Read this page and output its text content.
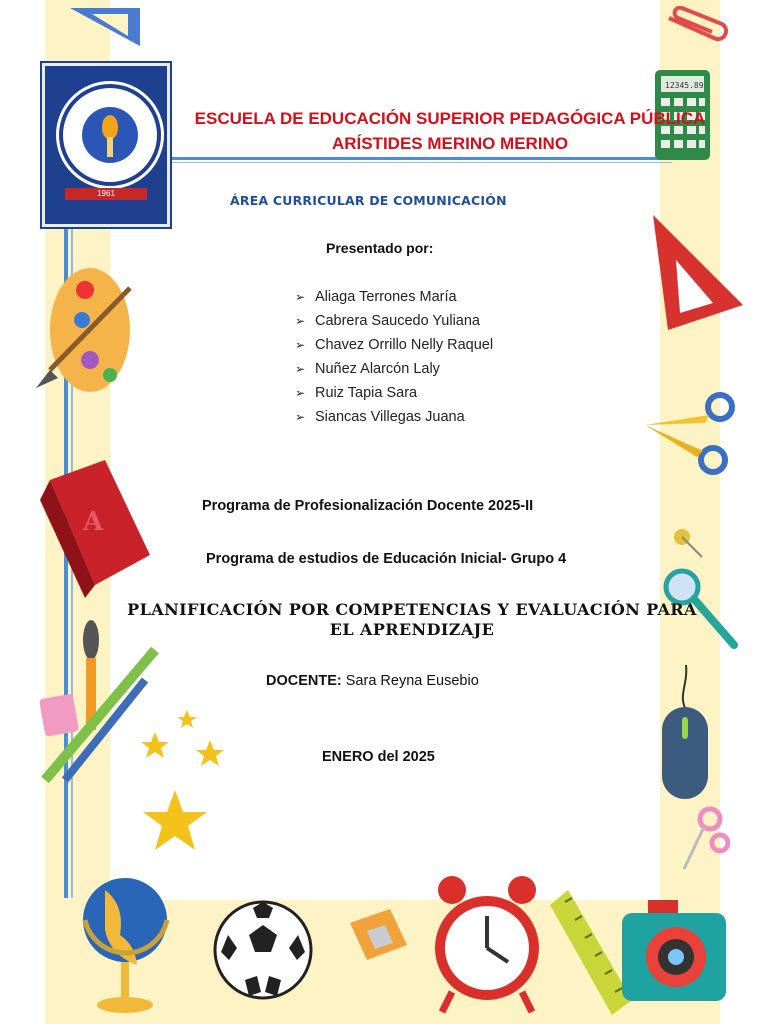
12345.89
A
1961
ESCUELA DE EDUCACIÓN SUPERIOR PEDAGÓGICA PÚBLICA
ARÍSTIDES MERINO MERINO
ÁREA CURRICULAR DE COMUNICACIÓN
Presentado por:
➢ Aliaga Terrones María
➢ Cabrera Saucedo Yuliana
➢ Chavez Orrillo Nelly Raquel
➢ Nuñez Alarcón Laly
➢ Ruiz Tapia Sara
➢ Siancas Villegas Juana
Programa de Profesionalización Docente 2025-II
Programa de estudios de Educación Inicial- Grupo 4
PLANIFICACIÓN POR COMPETENCIAS Y EVALUACIÓN PARA
EL APRENDIZAJE
DOCENTE: Sara Reyna Eusebio
ENERO del 2025
